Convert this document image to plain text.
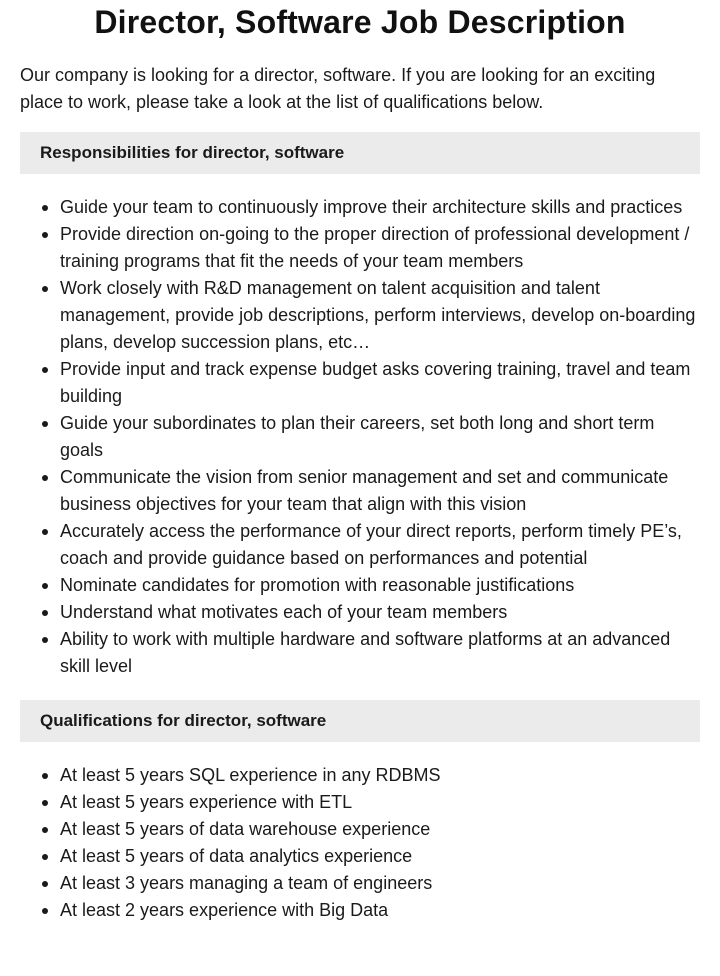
Director, Software Job Description

Our company is looking for a director, software. If you are looking for an exciting place to work, please take a look at the list of qualifications below.

Responsibilities for director, software
Guide your team to continuously improve their architecture skills and practices
Provide direction on-going to the proper direction of professional development / training programs that fit the needs of your team members
Work closely with R&D management on talent acquisition and talent management, provide job descriptions, perform interviews, develop on-boarding plans, develop succession plans, etc…
Provide input and track expense budget asks covering training, travel and team building
Guide your subordinates to plan their careers, set both long and short term goals
Communicate the vision from senior management and set and communicate business objectives for your team that align with this vision
Accurately access the performance of your direct reports, perform timely PE’s, coach and provide guidance based on performances and potential
Nominate candidates for promotion with reasonable justifications
Understand what motivates each of your team members
Ability to work with multiple hardware and software platforms at an advanced skill level
Qualifications for director, software
At least 5 years SQL experience in any RDBMS
At least 5 years experience with ETL
At least 5 years of data warehouse experience
At least 5 years of data analytics experience
At least 3 years managing a team of engineers
At least 2 years experience with Big Data
